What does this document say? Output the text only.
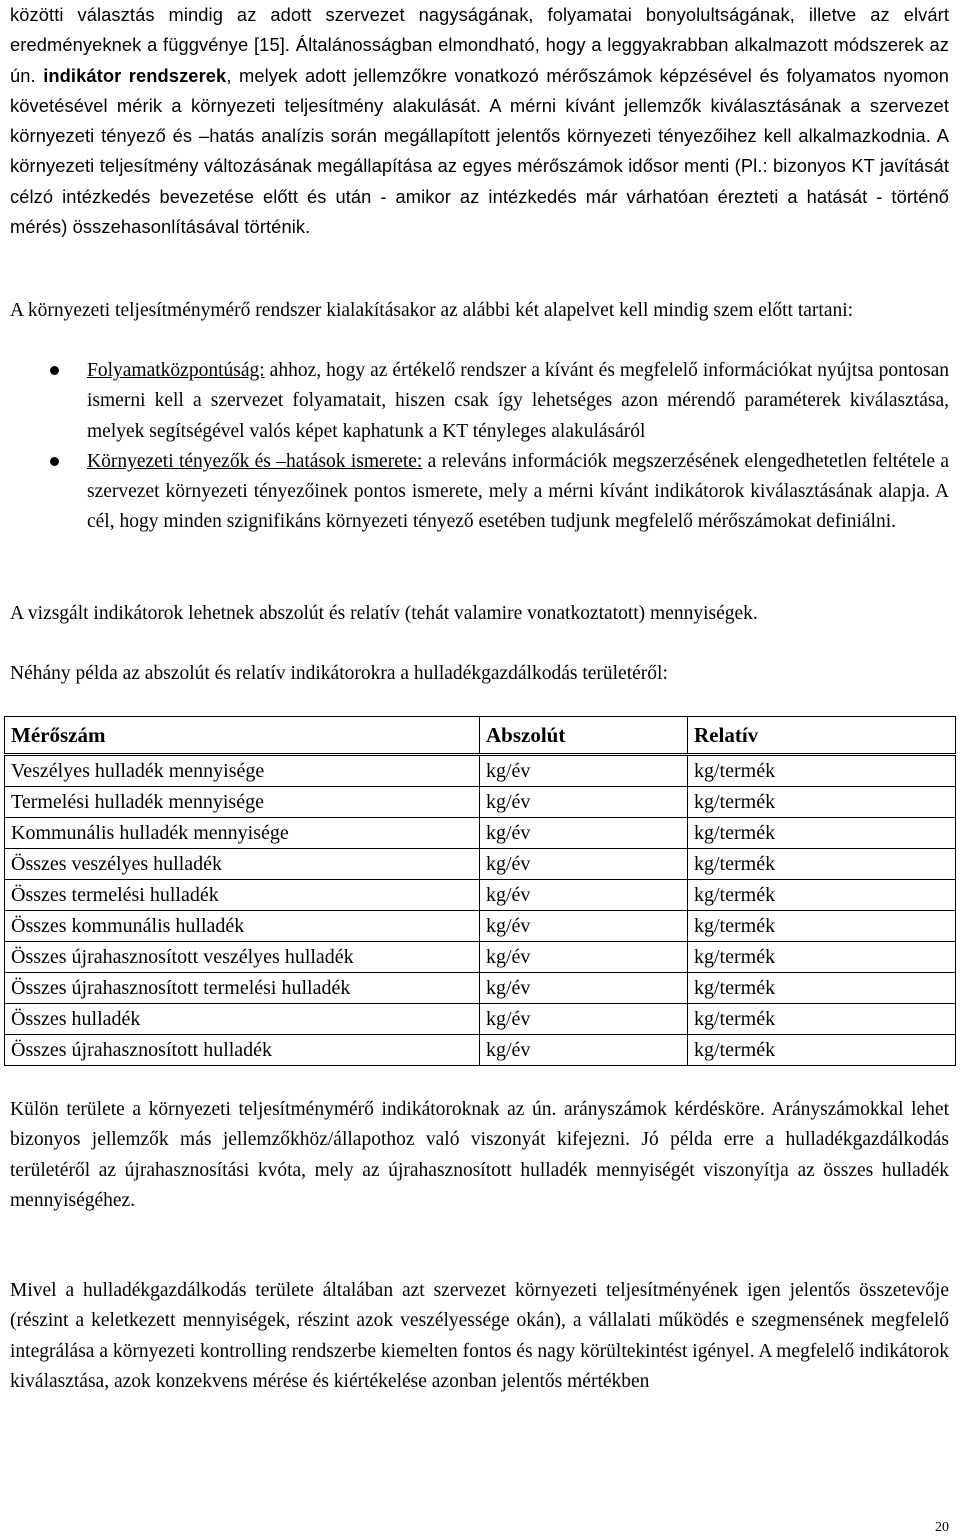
közötti választás mindig az adott szervezet nagyságának, folyamatai bonyolultságának, illetve az elvárt eredményeknek a függvénye [15]. Általánosságban elmondható, hogy a leggyakrabban alkalmazott módszerek az ún. indikátor rendszerek, melyek adott jellemzőkre vonatkozó mérőszámok képzésével és folyamatos nyomon követésével mérik a környezeti teljesítmény alakulását. A mérni kívánt jellemzők kiválasztásának a szervezet környezeti tényező és –hatás analízis során megállapított jelentős környezeti tényezőihez kell alkalmazkodnia. A környezeti teljesítmény változásának megállapítása az egyes mérőszámok idősor menti (Pl.: bizonyos KT javítását célzó intézkedés bevezetése előtt és után - amikor az intézkedés már várhatóan érezteti a hatását - történő mérés) összehasonlításával történik.

A környezeti teljesítménymérő rendszer kialakításakor az alábbi két alapelvet kell mindig szem előtt tartani:

Folyamatközpontúság: ahhoz, hogy az értékelő rendszer a kívánt és megfelelő információkat nyújtsa pontosan ismerni kell a szervezet folyamatait, hiszen csak így lehetséges azon mérendő paraméterek kiválasztása, melyek segítségével valós képet kaphatunk a KT tényleges alakulásáról
Környezeti tényezők és –hatások ismerete: a releváns információk megszerzésének elengedhetetlen feltétele a szervezet környezeti tényezőinek pontos ismerete, mely a mérni kívánt indikátorok kiválasztásának alapja. A cél, hogy minden szignifikáns környezeti tényező esetében tudjunk megfelelő mérőszámokat definiálni.

A vizsgált indikátorok lehetnek abszolút és relatív (tehát valamire vonatkoztatott) mennyiségek.

Néhány példa az abszolút és relatív indikátorokra a hulladékgazdálkodás területéről:

Mérőszám	Abszolút	Relatív
Veszélyes hulladék mennyisége	kg/év	kg/termék
Termelési hulladék mennyisége	kg/év	kg/termék
Kommunális hulladék mennyisége	kg/év	kg/termék
Összes veszélyes hulladék	kg/év	kg/termék
Összes termelési hulladék	kg/év	kg/termék
Összes kommunális hulladék	kg/év	kg/termék
Összes újrahasznosított veszélyes hulladék	kg/év	kg/termék
Összes újrahasznosított termelési hulladék	kg/év	kg/termék
Összes hulladék	kg/év	kg/termék
Összes újrahasznosított hulladék	kg/év	kg/termék

Külön területe a környezeti teljesítménymérő indikátoroknak az ún. arányszámok kérdésköre. Arányszámokkal lehet bizonyos jellemzők más jellemzőkhöz/állapothoz való viszonyát kifejezni. Jó példa erre a hulladékgazdálkodás területéről az újrahasznosítási kvóta, mely az újrahasznosított hulladék mennyiségét viszonyítja az összes hulladék mennyiségéhez.

Mivel a hulladékgazdálkodás területe általában azt szervezet környezeti teljesítményének igen jelentős összetevője (részint a keletkezett mennyiségek, részint azok veszélyessége okán), a vállalati működés e szegmensének megfelelő integrálása a környezeti kontrolling rendszerbe kiemelten fontos és nagy körültekintést igényel. A megfelelő indikátorok kiválasztása, azok konzekvens mérése és kiértékelése azonban jelentős mértékben

20
